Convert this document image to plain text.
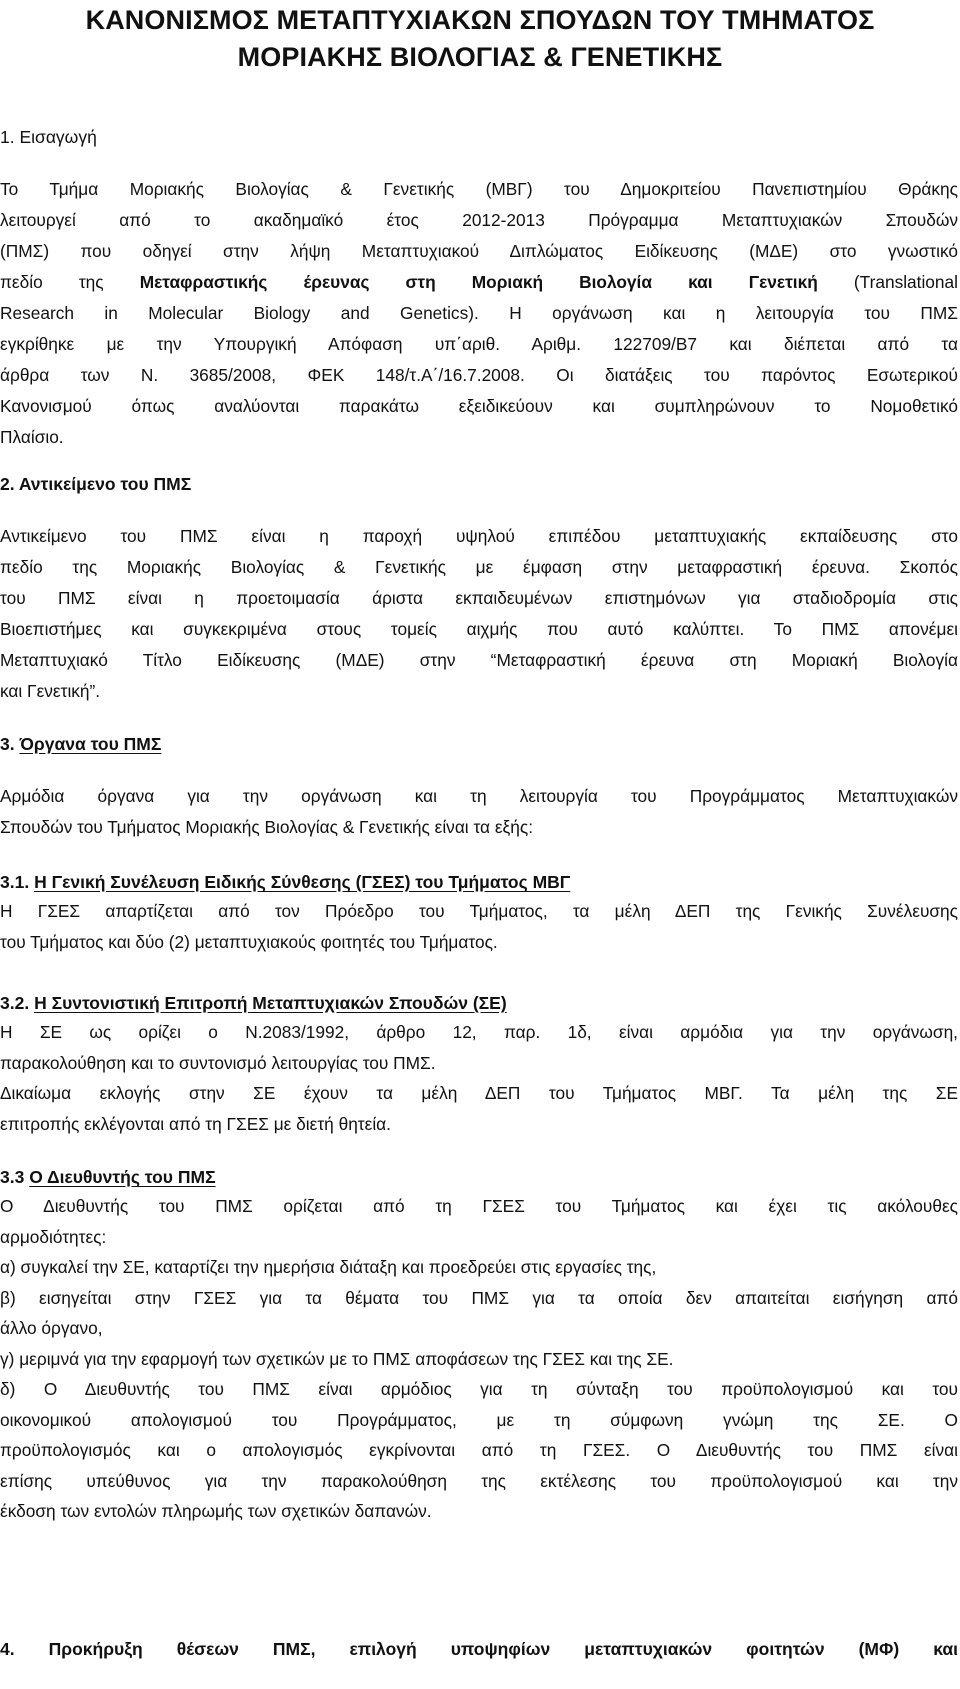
ΚΑΝΟΝΙΣΜΟΣ ΜΕΤΑΠΤΥΧΙΑΚΩΝ ΣΠΟΥΔΩΝ ΤΟΥ ΤΜΗΜΑΤΟΣ
ΜΟΡΙΑΚΗΣ ΒΙΟΛΟΓΙΑΣ & ΓΕΝΕΤΙΚΗΣ
1. Εισαγωγή
Το Τμήμα Μοριακής Βιολογίας & Γενετικής (ΜΒΓ) του Δημοκριτείου Πανεπιστημίου Θράκης
λειτουργεί από το ακαδημαϊκό έτος 2012-2013 Πρόγραμμα Μεταπτυχιακών Σπουδών
(ΠΜΣ) που οδηγεί στην λήψη Μεταπτυχιακού Διπλώματος Ειδίκευσης (ΜΔΕ) στο γνωστικό
πεδίο της Μεταφραστικής έρευνας στη Μοριακή Βιολογία και Γενετική (Translational
Research in Molecular Biology and Genetics). Η οργάνωση και η λειτουργία του ΠΜΣ
εγκρίθηκε με την Υπουργική Απόφαση υπ΄αριθ. Αριθμ. 122709/Β7 και διέπεται από τα
άρθρα των Ν. 3685/2008, ΦΕΚ 148/τ.Α΄/16.7.2008. Οι διατάξεις του παρόντος Εσωτερικού
Κανονισμού όπως αναλύονται παρακάτω εξειδικεύουν και συμπληρώνουν το Νομοθετικό
Πλαίσιο.
2. Αντικείμενο του ΠΜΣ
Αντικείμενο του ΠΜΣ είναι η παροχή υψηλού επιπέδου μεταπτυχιακής εκπαίδευσης στο
πεδίο της Μοριακής Βιολογίας & Γενετικής με έμφαση στην μεταφραστική έρευνα. Σκοπός
του ΠΜΣ είναι η προετοιμασία άριστα εκπαιδευμένων επιστημόνων για σταδιοδρομία στις
Βιοεπιστήμες και συγκεκριμένα στους τομείς αιχμής που αυτό καλύπτει. Το ΠΜΣ απονέμει
Μεταπτυχιακό Τίτλο Ειδίκευσης (ΜΔΕ) στην “Μεταφραστική έρευνα στη Μοριακή Βιολογία
και Γενετική”.
3. Όργανα του ΠΜΣ
Αρμόδια όργανα για την οργάνωση και τη λειτουργία του Προγράμματος Μεταπτυχιακών
Σπουδών του Τμήματος Μοριακής Βιολογίας & Γενετικής είναι τα εξής:
3.1. Η Γενική Συνέλευση Ειδικής Σύνθεσης (ΓΣΕΣ) του Τμήματος ΜΒΓ
Η ΓΣΕΣ απαρτίζεται από τον Πρόεδρο του Τμήματος, τα μέλη ΔΕΠ της Γενικής Συνέλευσης
του Τμήματος και δύο (2) μεταπτυχιακούς φοιτητές του Τμήματος.
3.2. Η Συντονιστική Επιτροπή Μεταπτυχιακών Σπουδών (ΣΕ)
Η ΣΕ ως ορίζει ο Ν.2083/1992, άρθρο 12, παρ. 1δ, είναι αρμόδια για την οργάνωση,
παρακολούθηση και το συντονισμό λειτουργίας του ΠΜΣ.
Δικαίωμα εκλογής στην ΣΕ έχουν τα μέλη ΔΕΠ του Τμήματος ΜΒΓ. Τα μέλη της ΣΕ
επιτροπής εκλέγονται από τη ΓΣΕΣ με διετή θητεία.
3.3 Ο Διευθυντής του ΠΜΣ
Ο Διευθυντής του ΠΜΣ ορίζεται από τη ΓΣΕΣ του Τμήματος και έχει τις ακόλουθες
αρμοδιότητες:
α) συγκαλεί την ΣΕ, καταρτίζει την ημερήσια διάταξη και προεδρεύει στις εργασίες της,
β) εισηγείται στην ΓΣΕΣ για τα θέματα του ΠΜΣ για τα οποία δεν απαιτείται εισήγηση από
άλλο όργανο,
γ) μεριμνά για την εφαρμογή των σχετικών με το ΠΜΣ αποφάσεων της ΓΣΕΣ και της ΣΕ.
δ) Ο Διευθυντής του ΠΜΣ είναι αρμόδιος για τη σύνταξη του προϋπολογισμού και του
οικονομικού απολογισμού του Προγράμματος, με τη σύμφωνη γνώμη της ΣΕ. Ο
προϋπολογισμός και ο απολογισμός εγκρίνονται από τη ΓΣΕΣ. Ο Διευθυντής του ΠΜΣ είναι
επίσης υπεύθυνος για την παρακολούθηση της εκτέλεσης του προϋπολογισμού και την
έκδοση των εντολών πληρωμής των σχετικών δαπανών.
4. Προκήρυξη θέσεων ΠΜΣ, επιλογή υποψηφίων μεταπτυχιακών φοιτητών (ΜΦ) και
